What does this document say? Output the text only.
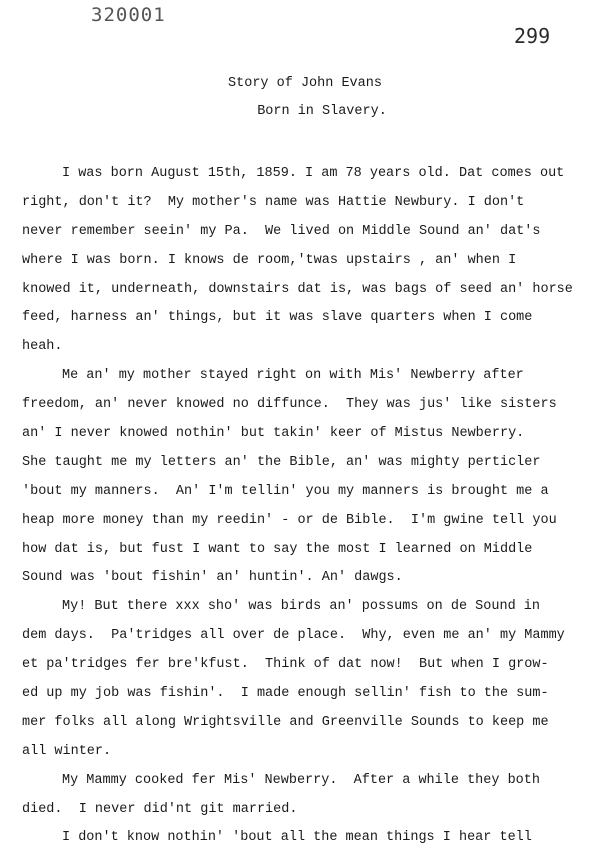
320001
299
Story of John Evans
Born in Slavery.
I was born August 15th, 1859. I am 78 years old. Dat comes out
right, don't it?  My mother's name was Hattie Newbury. I don't
never remember seein' my Pa.  We lived on Middle Sound an' dat's
where I was born. I knows de room,'twas upstairs , an' when I
knowed it, underneath, downstairs dat is, was bags of seed an' horse
feed, harness an' things, but it was slave quarters when I come
heah.
Me an' my mother stayed right on with Mis' Newberry after
freedom, an' never knowed no diffunce.  They was jus' like sisters
an' I never knowed nothin' but takin' keer of Mistus Newberry.
She taught me my letters an' the Bible, an' was mighty perticler
'bout my manners.  An' I'm tellin' you my manners is brought me a
heap more money than my reedin' - or de Bible.  I'm gwine tell you
how dat is, but fust I want to say the most I learned on Middle
Sound was 'bout fishin' an' huntin'. An' dawgs.
My! But there xxx sho' was birds an' possums on de Sound in
dem days.  Pa'tridges all over de place.  Why, even me an' my Mammy
et pa'tridges fer bre'kfust.  Think of dat now!  But when I grow-
ed up my job was fishin'.  I made enough sellin' fish to the sum-
mer folks all along Wrightsville and Greenville Sounds to keep me
all winter.
My Mammy cooked fer Mis' Newberry.  After a while they both
died.  I never did'nt git married.
I don't know nothin' 'bout all the mean things I hear tell
